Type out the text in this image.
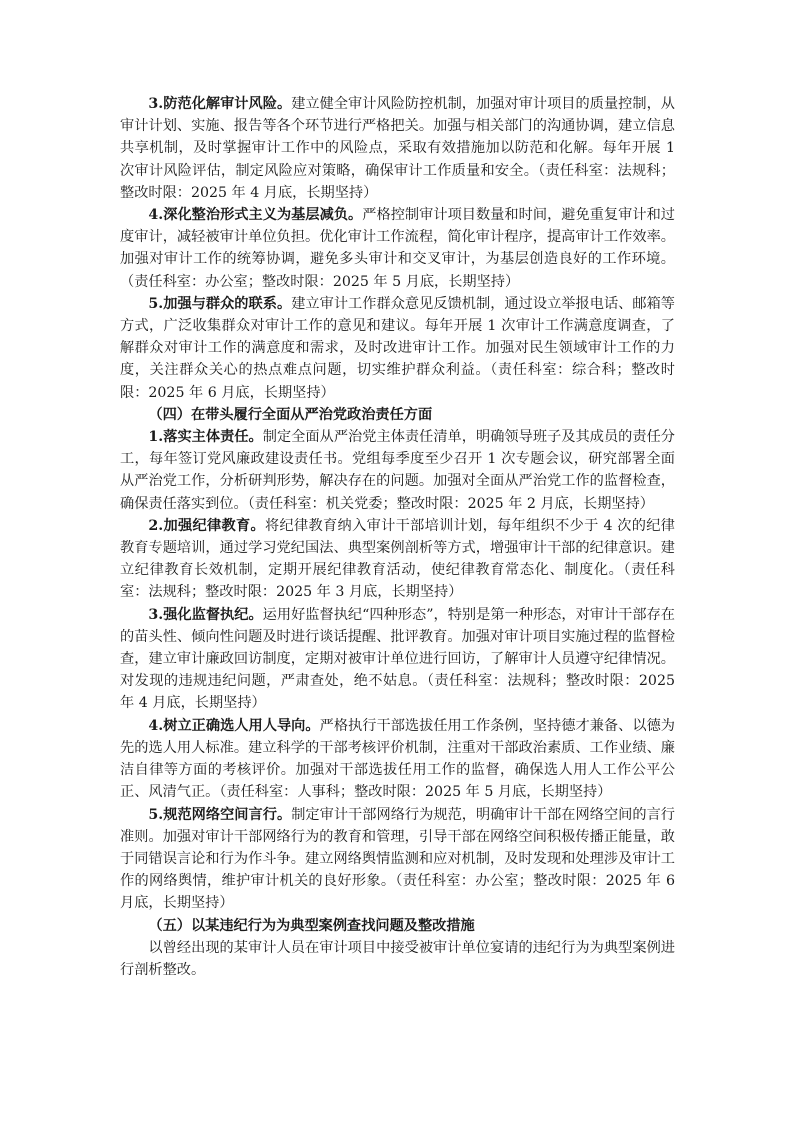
3.防范化解审计风险。建立健全审计风险防控机制，加强对审计项目的质量控制，从审计计划、实施、报告等各个环节进行严格把关。加强与相关部门的沟通协调，建立信息共享机制，及时掌握审计工作中的风险点，采取有效措施加以防范和化解。每年开展 1 次审计风险评估，制定风险应对策略，确保审计工作质量和安全。（责任科室：法规科；整改时限：2025 年 4 月底，长期坚持）

4.深化整治形式主义为基层减负。严格控制审计项目数量和时间，避免重复审计和过度审计，减轻被审计单位负担。优化审计工作流程，简化审计程序，提高审计工作效率。加强对审计工作的统筹协调，避免多头审计和交叉审计，为基层创造良好的工作环境。（责任科室：办公室；整改时限：2025 年 5 月底，长期坚持）

5.加强与群众的联系。建立审计工作群众意见反馈机制，通过设立举报电话、邮箱等方式，广泛收集群众对审计工作的意见和建议。每年开展 1 次审计工作满意度调查，了解群众对审计工作的满意度和需求，及时改进审计工作。加强对民生领域审计工作的力度，关注群众关心的热点难点问题，切实维护群众利益。（责任科室：综合科；整改时限：2025 年 6 月底，长期坚持）

（四）在带头履行全面从严治党政治责任方面

1.落实主体责任。制定全面从严治党主体责任清单，明确领导班子及其成员的责任分工，每年签订党风廉政建设责任书。党组每季度至少召开 1 次专题会议，研究部署全面从严治党工作，分析研判形势，解决存在的问题。加强对全面从严治党工作的监督检查，确保责任落实到位。（责任科室：机关党委；整改时限：2025 年 2 月底，长期坚持）

2.加强纪律教育。将纪律教育纳入审计干部培训计划，每年组织不少于 4 次的纪律教育专题培训，通过学习党纪国法、典型案例剖析等方式，增强审计干部的纪律意识。建立纪律教育长效机制，定期开展纪律教育活动，使纪律教育常态化、制度化。（责任科室：法规科；整改时限：2025 年 3 月底，长期坚持）

3.强化监督执纪。运用好监督执纪“四种形态”，特别是第一种形态，对审计干部存在的苗头性、倾向性问题及时进行谈话提醒、批评教育。加强对审计项目实施过程的监督检查，建立审计廉政回访制度，定期对被审计单位进行回访，了解审计人员遵守纪律情况。对发现的违规违纪问题，严肃查处，绝不姑息。（责任科室：法规科；整改时限：2025 年 4 月底，长期坚持）

4.树立正确选人用人导向。严格执行干部选拔任用工作条例，坚持德才兼备、以德为先的选人用人标准。建立科学的干部考核评价机制，注重对干部政治素质、工作业绩、廉洁自律等方面的考核评价。加强对干部选拔任用工作的监督，确保选人用人工作公平公正、风清气正。（责任科室：人事科；整改时限：2025 年 5 月底，长期坚持）

5.规范网络空间言行。制定审计干部网络行为规范，明确审计干部在网络空间的言行准则。加强对审计干部网络行为的教育和管理，引导干部在网络空间积极传播正能量，敢于同错误言论和行为作斗争。建立网络舆情监测和应对机制，及时发现和处理涉及审计工作的网络舆情，维护审计机关的良好形象。（责任科室：办公室；整改时限：2025 年 6 月底，长期坚持）

（五）以某违纪行为为典型案例查找问题及整改措施

以曾经出现的某审计人员在审计项目中接受被审计单位宴请的违纪行为为典型案例进行剖析整改。
